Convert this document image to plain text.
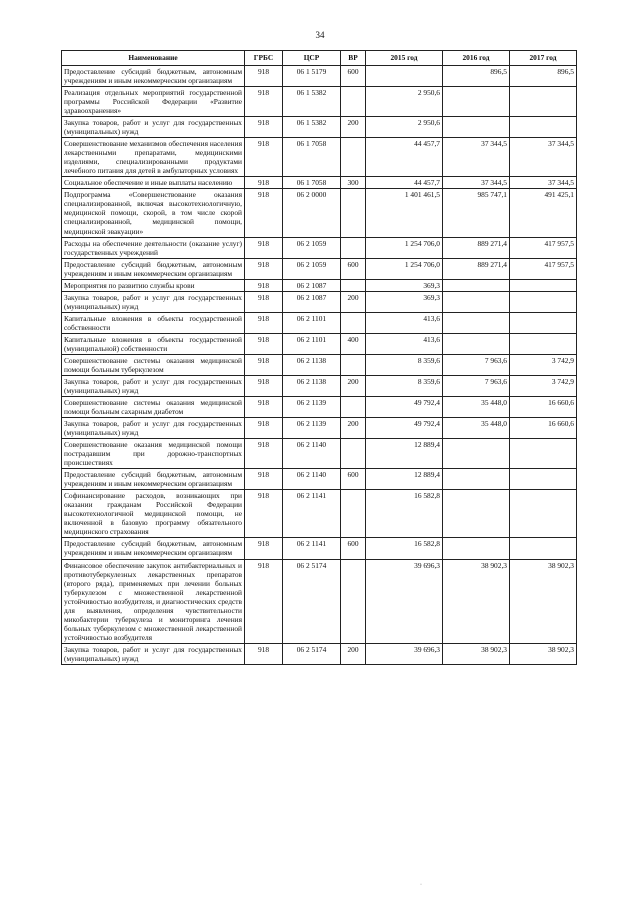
34
Наименование	ГРБС	ЦСР	ВР	2015 год	2016 год	2017 год
Предоставление субсидий бюджетным, автономным учреждениям и иным некоммерческим организациям	918	06 1 5179	600		896,5	896,5
Реализация отдельных мероприятий государственной программы Российской Федерации «Развитие здравоохранения»	918	06 1 5382		2 950,6		
Закупка товаров, работ и услуг для государственных (муниципальных) нужд	918	06 1 5382	200	2 950,6		
Совершенствование механизмов обеспечения населения лекарственными препаратами, медицинскими изделиями, специализированными продуктами лечебного питания для детей в амбулаторных условиях	918	06 1 7058		44 457,7	37 344,5	37 344,5
Социальное обеспечение и иные выплаты населению	918	06 1 7058	300	44 457,7	37 344,5	37 344,5
Подпрограмма «Совершенствование оказания специализированной, включая высокотехнологичную, медицинской помощи, скорой, в том числе скорой специализированной, медицинской помощи, медицинской эвакуации»	918	06 2 0000		1 401 461,5	985 747,1	491 425,1
Расходы на обеспечение деятельности (оказание услуг) государственных учреждений	918	06 2 1059		1 254 706,0	889 271,4	417 957,5
Предоставление субсидий бюджетным, автономным учреждениям и иным некоммерческим организациям	918	06 2 1059	600	1 254 706,0	889 271,4	417 957,5
Мероприятия по развитию службы крови	918	06 2 1087		369,3		
Закупка товаров, работ и услуг для государственных (муниципальных) нужд	918	06 2 1087	200	369,3		
Капитальные вложения в объекты государственной собственности	918	06 2 1101		413,6		
Капитальные вложения в объекты государственной (муниципальной) собственности	918	06 2 1101	400	413,6		
Совершенствование системы оказания медицинской помощи больным туберкулезом	918	06 2 1138		8 359,6	7 963,6	3 742,9
Закупка товаров, работ и услуг для государственных (муниципальных) нужд	918	06 2 1138	200	8 359,6	7 963,6	3 742,9
Совершенствование системы оказания медицинской помощи больным сахарным диабетом	918	06 2 1139		49 792,4	35 448,0	16 660,6
Закупка товаров, работ и услуг для государственных (муниципальных) нужд	918	06 2 1139	200	49 792,4	35 448,0	16 660,6
Совершенствование оказания медицинской помощи пострадавшим при дорожно-транспортных происшествиях	918	06 2 1140		12 889,4		
Предоставление субсидий бюджетным, автономным учреждениям и иным некоммерческим организациям	918	06 2 1140	600	12 889,4		
Софинансирование расходов, возникающих при оказании гражданам Российской Федерации высокотехнологичной медицинской помощи, не включенной в базовую программу обязательного медицинского страхования	918	06 2 1141		16 582,8		
Предоставление субсидий бюджетным, автономным учреждениям и иным некоммерческим организациям	918	06 2 1141	600	16 582,8		
Финансовое обеспечение закупок антибактериальных и противотуберкулезных лекарственных препаратов (второго ряда), применяемых при лечении больных туберкулезом с множественной лекарственной устойчивостью возбудителя, и диагностических средств для выявления, определения чувствительности микобактерии туберкулеза и мониторинга лечения больных туберкулезом с множественной лекарственной устойчивостью возбудителя	918	06 2 5174		39 696,3	38 902,3	38 902,3
Закупка товаров, работ и услуг для государственных (муниципальных) нужд	918	06 2 5174	200	39 696,3	38 902,3	38 902,3
·
